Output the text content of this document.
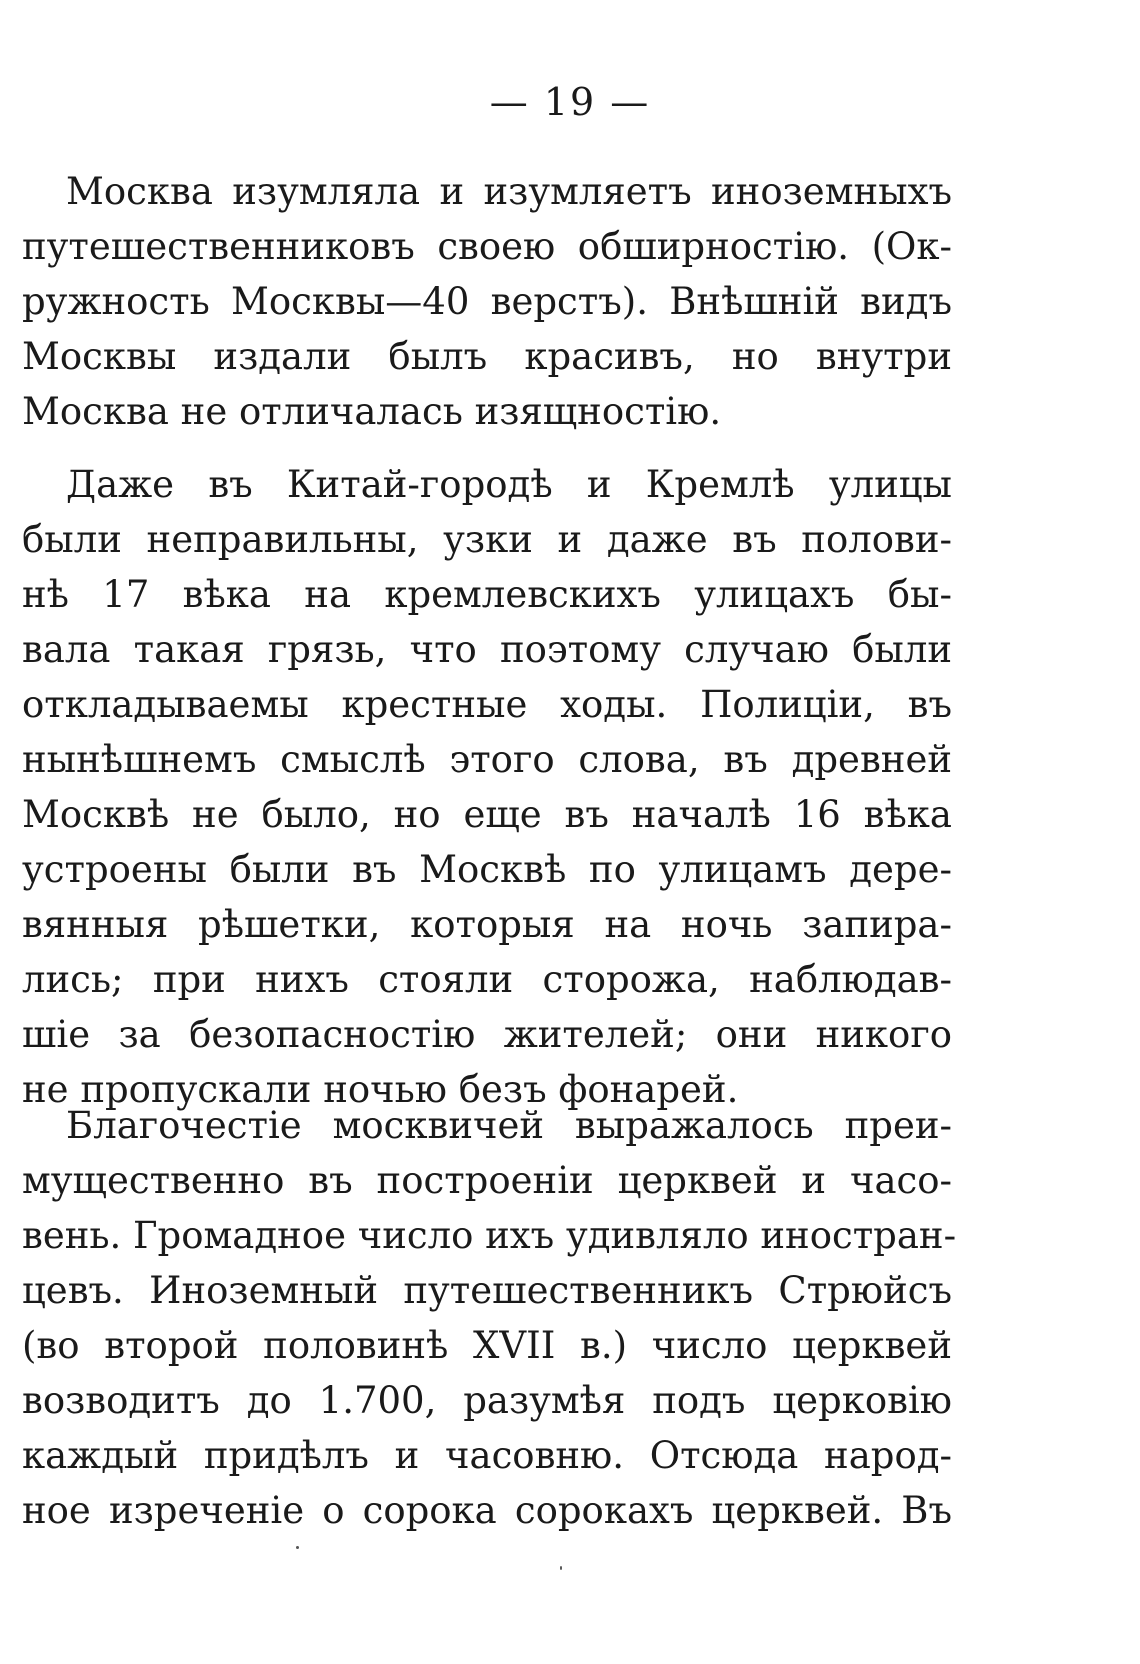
— 19 —
Москва изумляла и изумляетъ иноземныхъ
путешественниковъ своею обширностію. (Ок-
ружность Москвы—40 верстъ). Внѣшній видъ
Москвы издали былъ красивъ, но внутри
Москва не отличалась изящностію.
Даже въ Китай-городѣ и Кремлѣ улицы
были неправильны, узки и даже въ полови-
нѣ 17 вѣка на кремлевскихъ улицахъ бы-
вала такая грязь, что поэтому случаю были
откладываемы крестные ходы. Полиціи, въ
нынѣшнемъ смыслѣ этого слова, въ древней
Москвѣ не было, но еще въ началѣ 16 вѣка
устроены были въ Москвѣ по улицамъ дере-
вянныя рѣшетки, которыя на ночь запира-
лись; при нихъ стояли сторожа, наблюдав-
шіе за безопасностію жителей; они никого
не пропускали ночью безъ фонарей.
Благочестіе москвичей выражалось преи-
мущественно въ построеніи церквей и часо-
вень. Громадное число ихъ удивляло иностран-
цевъ. Иноземный путешественникъ Стрюйсъ
(во второй половинѣ XVII в.) число церквей
возводитъ до 1.700, разумѣя подъ церковію
каждый придѣлъ и часовню. Отсюда народ-
ное изреченіе о сорока сорокахъ церквей. Въ
